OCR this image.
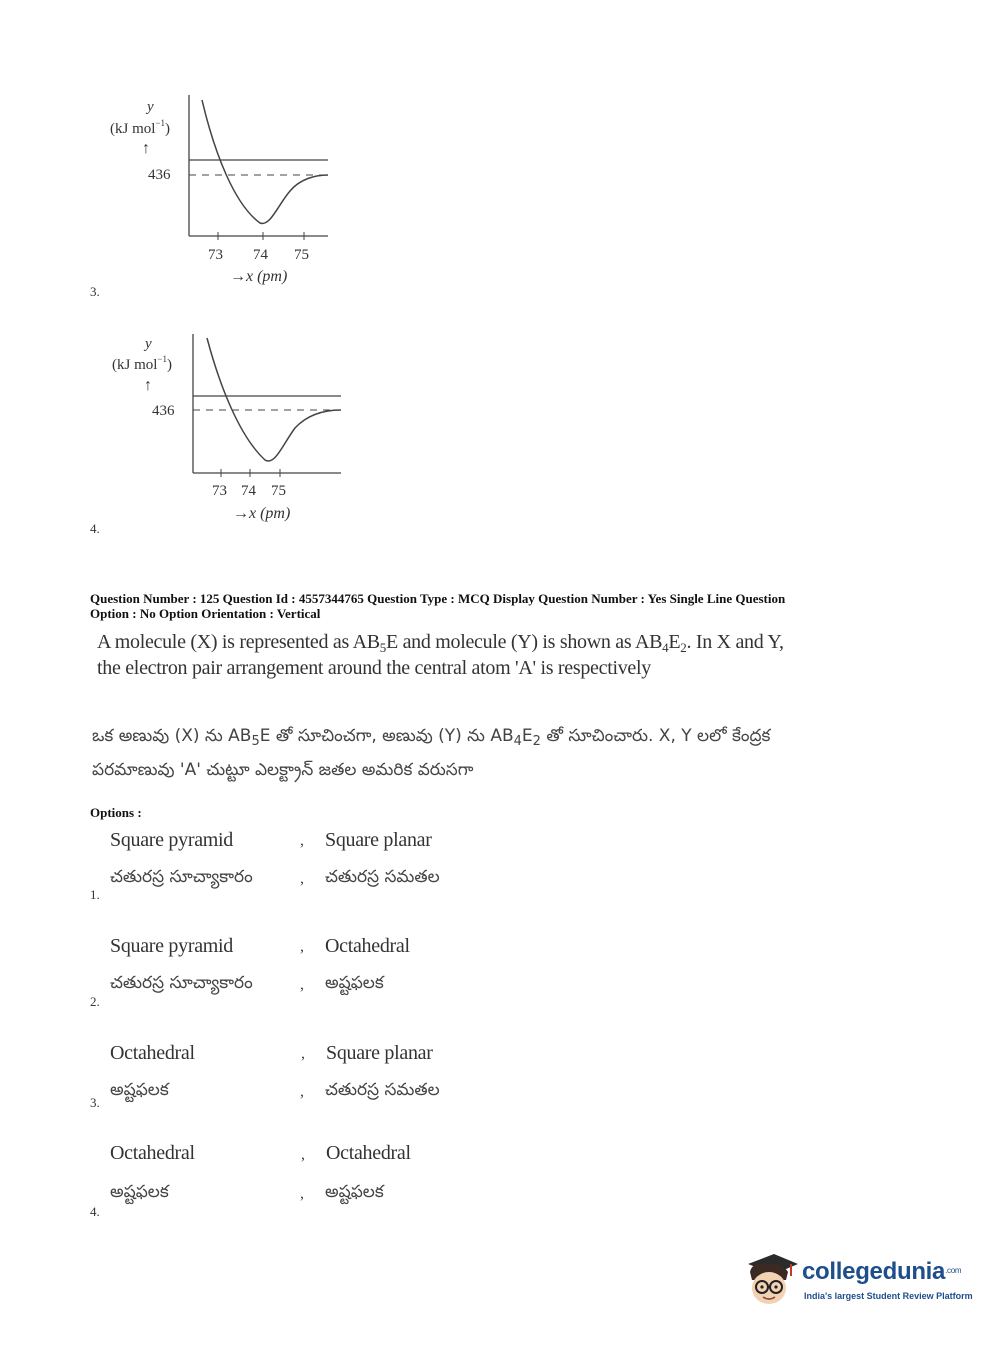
y
(kJ mol$^{-1}$)
↑
436
73 74 75
→x (pm)
3.
y
(kJ mol$^{-1}$)
↑
436
73 74 75
→x (pm)
4.
Question Number : 125 Question Id : 4557344765 Question Type : MCQ Display Question Number : Yes Single Line Question
Option : No Option Orientation : Vertical
A molecule (X) is represented as $AB_5E$ and molecule (Y) is shown as $AB_4E_2$. In X and Y,
the electron pair arrangement around the central atom 'A' is respectively
ఒక అణువు (X) ను $AB_5E$ తో సూచించగా, అణువు (Y) ను $AB_4E_2$ తో సూచించారు. X, Y లలో కేంద్రక
పరమాణువు 'A' చుట్టూ ఎలక్ట్రాన్ జతల అమరిక వరుసగా
Options :
Square pyramid	, Square planar
చతురస్ర సూచ్యాకారం	, చతురస్ర సమతల
1.
Square pyramid	, Octahedral
చతురస్ర సూచ్యాకారం	, అష్టఫలక
2.
Octahedral	, Square planar
అష్టఫలక	, చతురస్ర సమతల
3.
Octahedral	, Octahedral
అష్టఫలక	, అష్టఫలక
4.
collegedunia$^{.com}$
India's largest Student Review Platform
